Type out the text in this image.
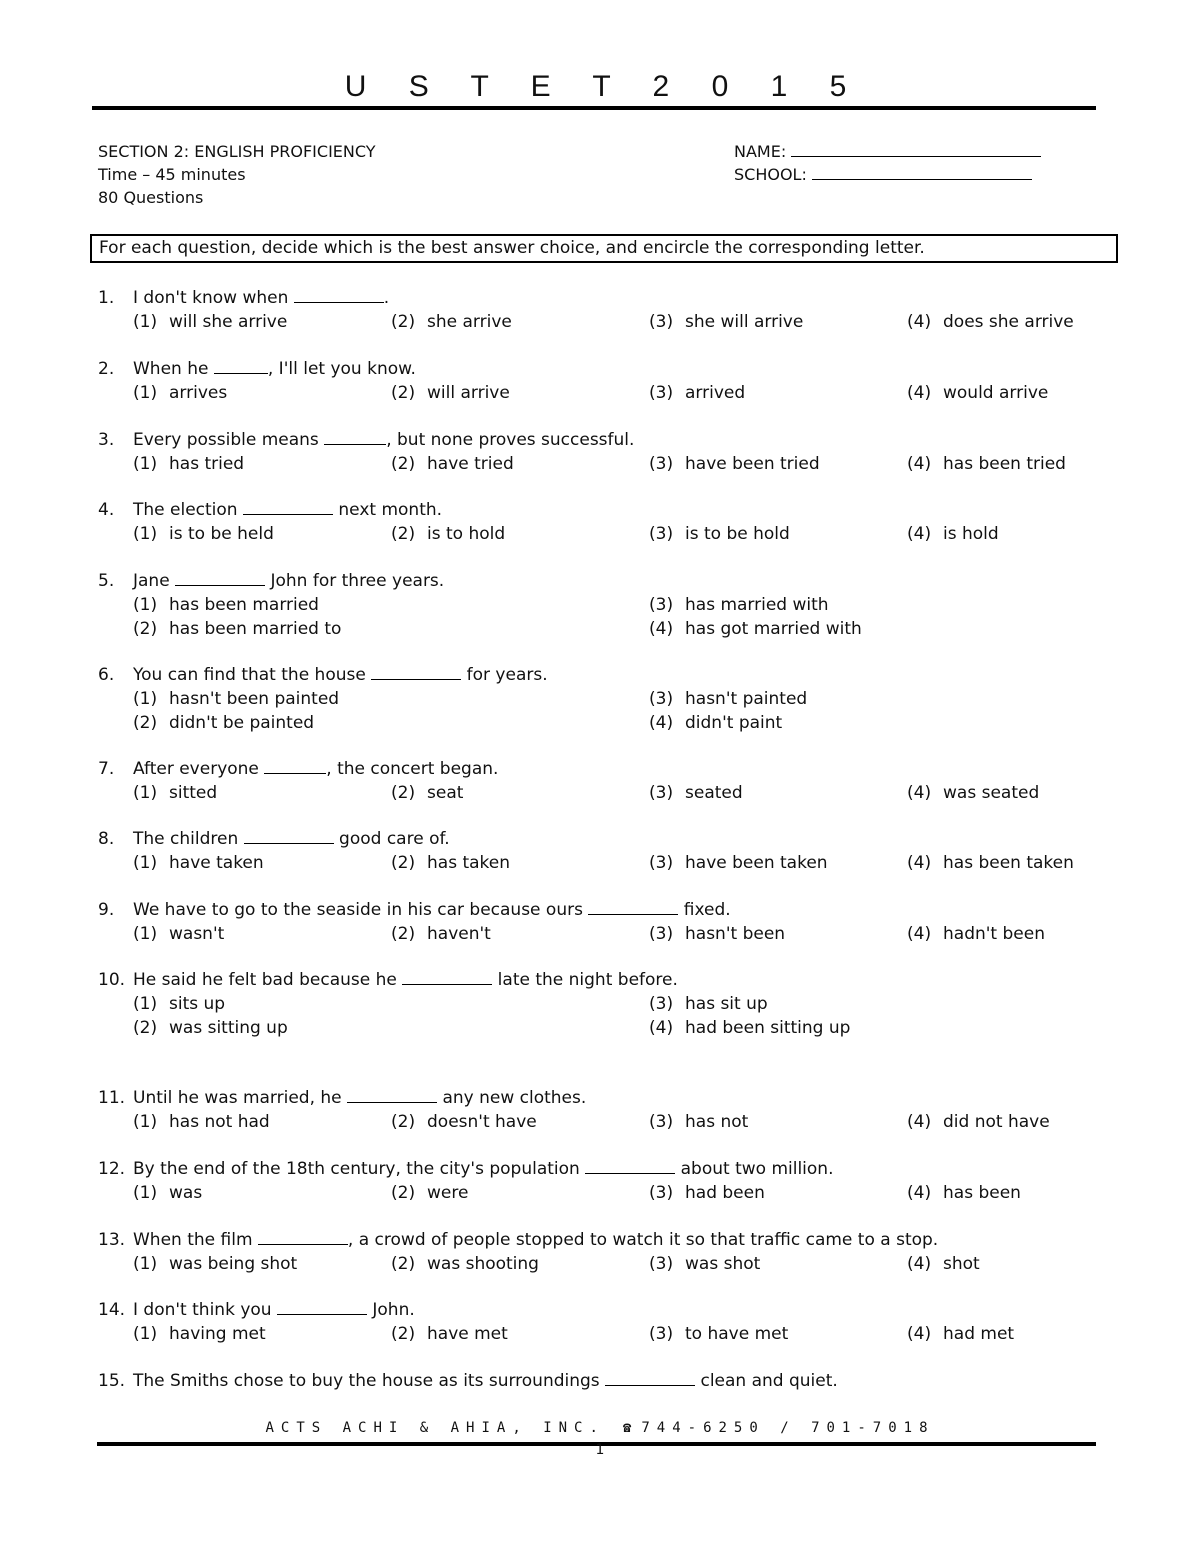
U S T E T 2 0 1 5
SECTION 2: ENGLISH PROFICIENCY
Time – 45 minutes
80 Questions
NAME:
SCHOOL:
For each question, decide which is the best answer choice, and encircle the corresponding letter.
1. I don't know when	.
(1) will she arrive	(2) she arrive	(3) she will arrive	(4) does she arrive
2. When he	, I'll let you know.
(1) arrives	(2) will arrive	(3) arrived	(4) would arrive
3. Every possible means	, but none proves successful.
(1) has tried	(2) have tried	(3) have been tried	(4) has been tried
4. The election	next month.
(1) is to be held	(2) is to hold	(3) is to be hold	(4) is hold
5. Jane	John for three years.
(1) has been married	(3) has married with
(2) has been married to	(4) has got married with
6. You can find that the house	for years.
(1) hasn't been painted	(3) hasn't painted
(2) didn't be painted	(4) didn't paint
7. After everyone	, the concert began.
(1) sitted	(2) seat	(3) seated	(4) was seated
8. The children	good care of.
(1) have taken	(2) has taken	(3) have been taken	(4) has been taken
9. We have to go to the seaside in his car because ours	fixed.
(1) wasn't	(2) haven't	(3) hasn't been	(4) hadn't been
10. He said he felt bad because he	late the night before.
(1) sits up	(3) has sit up
(2) was sitting up	(4) had been sitting up
11. Until he was married, he	any new clothes.
(1) has not had	(2) doesn't have	(3) has not	(4) did not have
12. By the end of the 18th century, the city's population	about two million.
(1) was	(2) were	(3) had been	(4) has been
13. When the film	, a crowd of people stopped to watch it so that traffic came to a stop.
(1) was being shot	(2) was shooting	(3) was shot	(4) shot
14. I don't think you	John.
(1) having met	(2) have met	(3) to have met	(4) had met
15. The Smiths chose to buy the house as its surroundings	clean and quiet.
ACTS ACHI & AHIA, INC. ☎ 744-6250 / 701-7018
1
